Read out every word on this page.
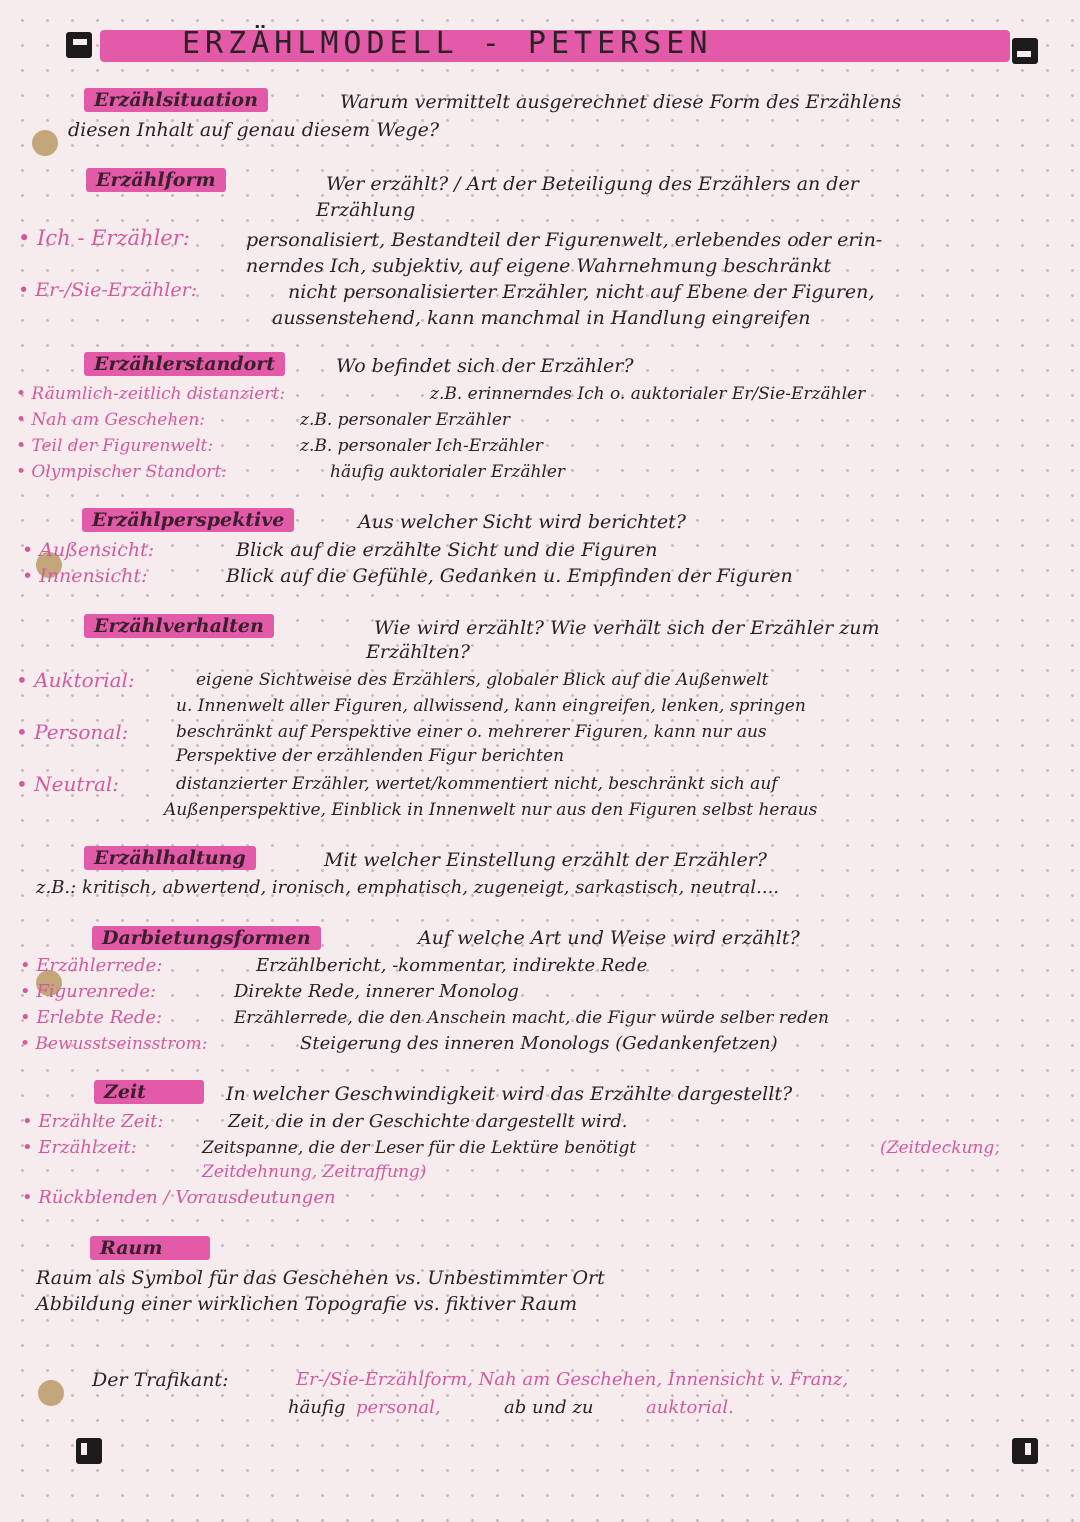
ERZÄHLMODELL - PETERSEN
Erzählsituation	Warum vermittelt ausgerechnet diese Form des Erzählens
diesen Inhalt auf genau diesem Wege?
Erzählform	Wer erzählt? / Art der Beteiligung des Erzählers an der
Erzählung
• Ich - Erzähler:	personalisiert, Bestandteil der Figurenwelt, erlebendes oder erin-
nerndes Ich, subjektiv, auf eigene Wahrnehmung beschränkt
• Er-/Sie-Erzähler:	nicht personalisierter Erzähler, nicht auf Ebene der Figuren,
aussenstehend, kann manchmal in Handlung eingreifen
Erzählerstandort	Wo befindet sich der Erzähler?
• Räumlich-zeitlich distanziert:	z.B. erinnerndes Ich o. auktorialer Er/Sie-Erzähler
• Nah am Geschehen:	z.B. personaler Erzähler
• Teil der Figurenwelt:	z.B. personaler Ich-Erzähler
• Olympischer Standort:	häufig auktorialer Erzähler
Erzählperspektive	Aus welcher Sicht wird berichtet?
• Außensicht:	Blick auf die erzählte Sicht und die Figuren
• Innensicht:	Blick auf die Gefühle, Gedanken u. Empfinden der Figuren
Erzählverhalten	Wie wird erzählt? Wie verhält sich der Erzähler zum
Erzählten?
• Auktorial:	eigene Sichtweise des Erzählers, globaler Blick auf die Außenwelt
u. Innenwelt aller Figuren, allwissend, kann eingreifen, lenken, springen
• Personal:	beschränkt auf Perspektive einer o. mehrerer Figuren, kann nur aus
Perspektive der erzählenden Figur berichten
• Neutral:	distanzierter Erzähler, wertet/kommentiert nicht, beschränkt sich auf
Außenperspektive, Einblick in Innenwelt nur aus den Figuren selbst heraus
Erzählhaltung	Mit welcher Einstellung erzählt der Erzähler?
z.B.: kritisch, abwertend, ironisch, emphatisch, zugeneigt, sarkastisch, neutral....
Darbietungsformen	Auf welche Art und Weise wird erzählt?
• Erzählerrede:	Erzählbericht, -kommentar, indirekte Rede
• Figurenrede:	Direkte Rede, innerer Monolog
• Erlebte Rede:	Erzählerrede, die den Anschein macht, die Figur würde selber reden
• Bewusstseinsstrom:	Steigerung des inneren Monologs (Gedankenfetzen)
Zeit	In welcher Geschwindigkeit wird das Erzählte dargestellt?
• Erzählte Zeit:	Zeit, die in der Geschichte dargestellt wird.
• Erzählzeit:	Zeitspanne, die der Leser für die Lektüre benötigt	(Zeitdeckung,
Zeitdehnung, Zeitraffung)
• Rückblenden / Vorausdeutungen
Raum
Raum als Symbol für das Geschehen vs. Unbestimmter Ort
Abbildung einer wirklichen Topografie vs. fiktiver Raum
Der Trafikant:	Er-/Sie-Erzählform, Nah am Geschehen, Innensicht v. Franz,
häufig personal,	ab und zu	auktorial.
